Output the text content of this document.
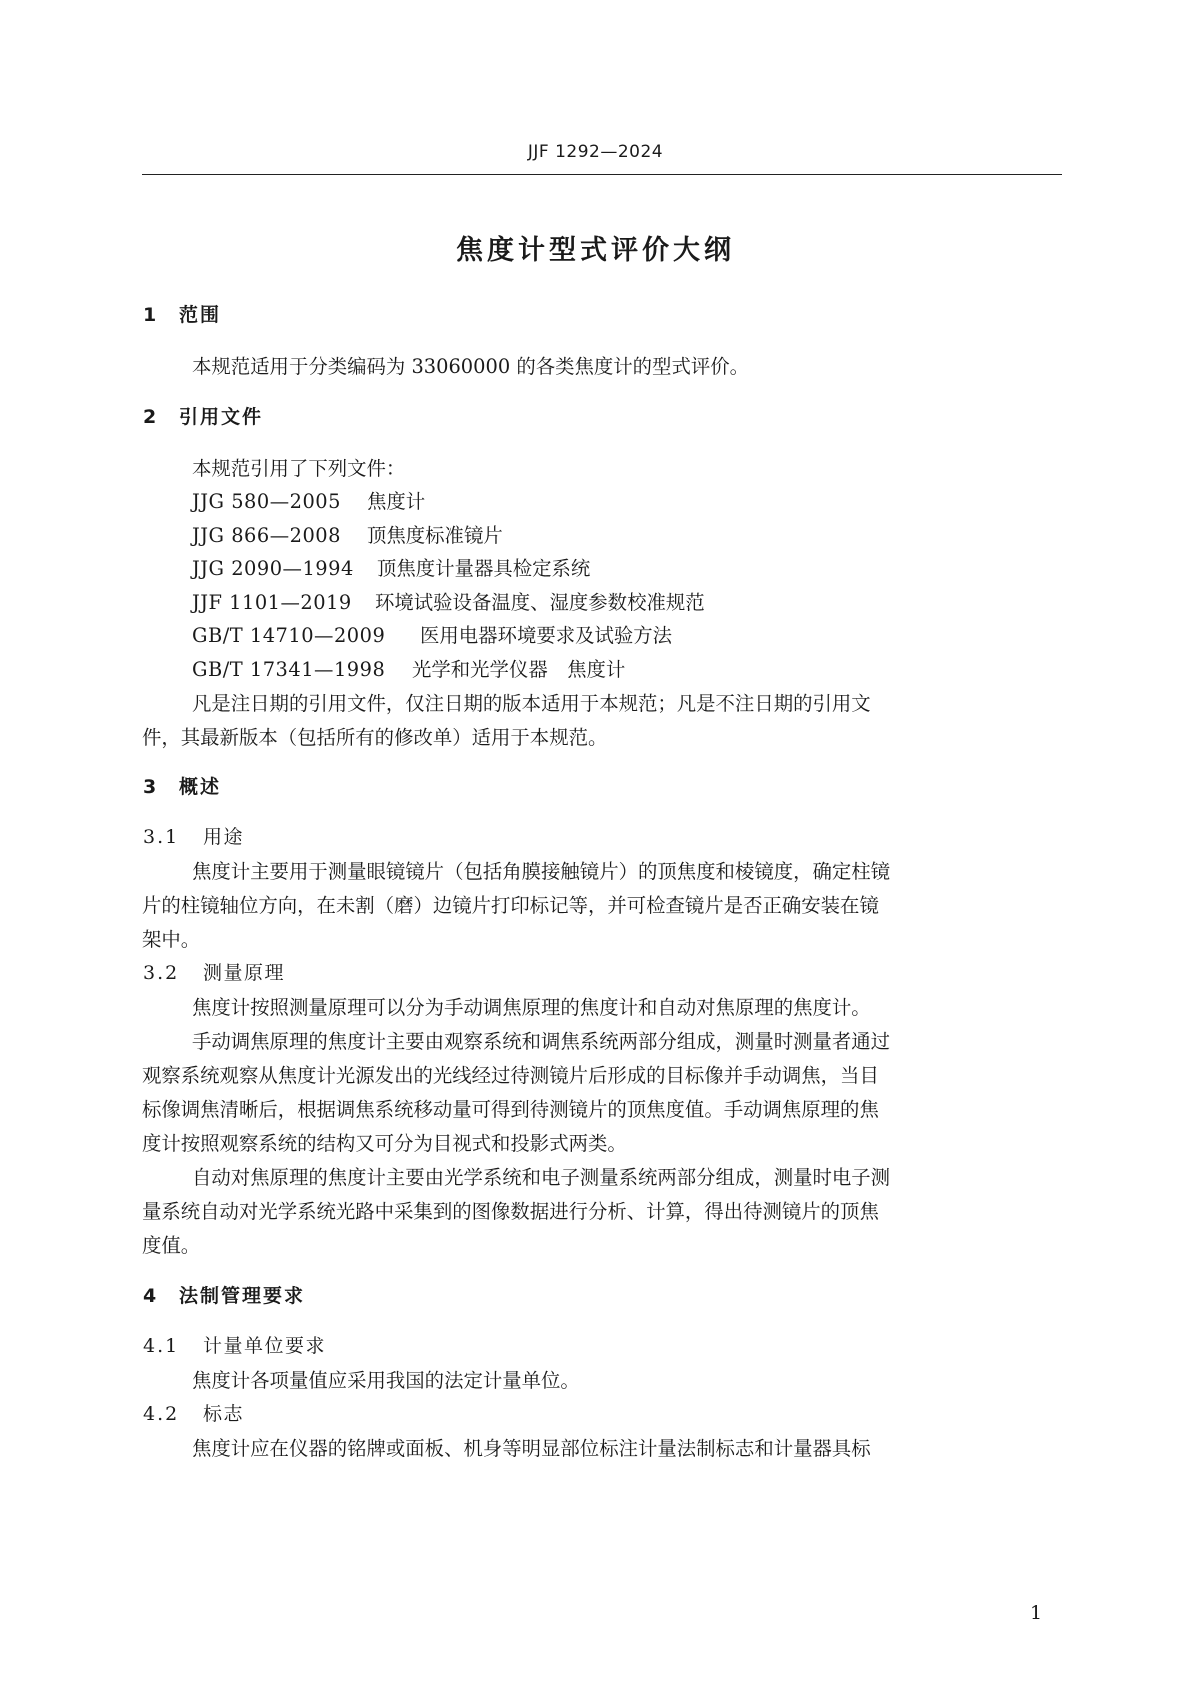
JJF 1292—2024
焦度计型式评价大纲
1 范围
本规范适用于分类编码为 33060000 的各类焦度计的型式评价。
2 引用文件
本规范引用了下列文件：
JJG 580—2005 焦度计
JJG 866—2008 顶焦度标准镜片
JJG 2090—1994 顶焦度计量器具检定系统
JJF 1101—2019 环境试验设备温度、湿度参数校准规范
GB/T 14710—2009 医用电器环境要求及试验方法
GB/T 17341—1998 光学和光学仪器　焦度计
凡是注日期的引用文件，仅注日期的版本适用于本规范；凡是不注日期的引用文
件，其最新版本（包括所有的修改单）适用于本规范。
3 概述
3.1 用途
焦度计主要用于测量眼镜镜片（包括角膜接触镜片）的顶焦度和棱镜度，确定柱镜
片的柱镜轴位方向，在未割（磨）边镜片打印标记等，并可检查镜片是否正确安装在镜
架中。
3.2 测量原理
焦度计按照测量原理可以分为手动调焦原理的焦度计和自动对焦原理的焦度计。
手动调焦原理的焦度计主要由观察系统和调焦系统两部分组成，测量时测量者通过
观察系统观察从焦度计光源发出的光线经过待测镜片后形成的目标像并手动调焦，当目
标像调焦清晰后，根据调焦系统移动量可得到待测镜片的顶焦度值。手动调焦原理的焦
度计按照观察系统的结构又可分为目视式和投影式两类。
自动对焦原理的焦度计主要由光学系统和电子测量系统两部分组成，测量时电子测
量系统自动对光学系统光路中采集到的图像数据进行分析、计算，得出待测镜片的顶焦
度值。
4 法制管理要求
4.1 计量单位要求
焦度计各项量值应采用我国的法定计量单位。
4.2 标志
焦度计应在仪器的铭牌或面板、机身等明显部位标注计量法制标志和计量器具标
1
